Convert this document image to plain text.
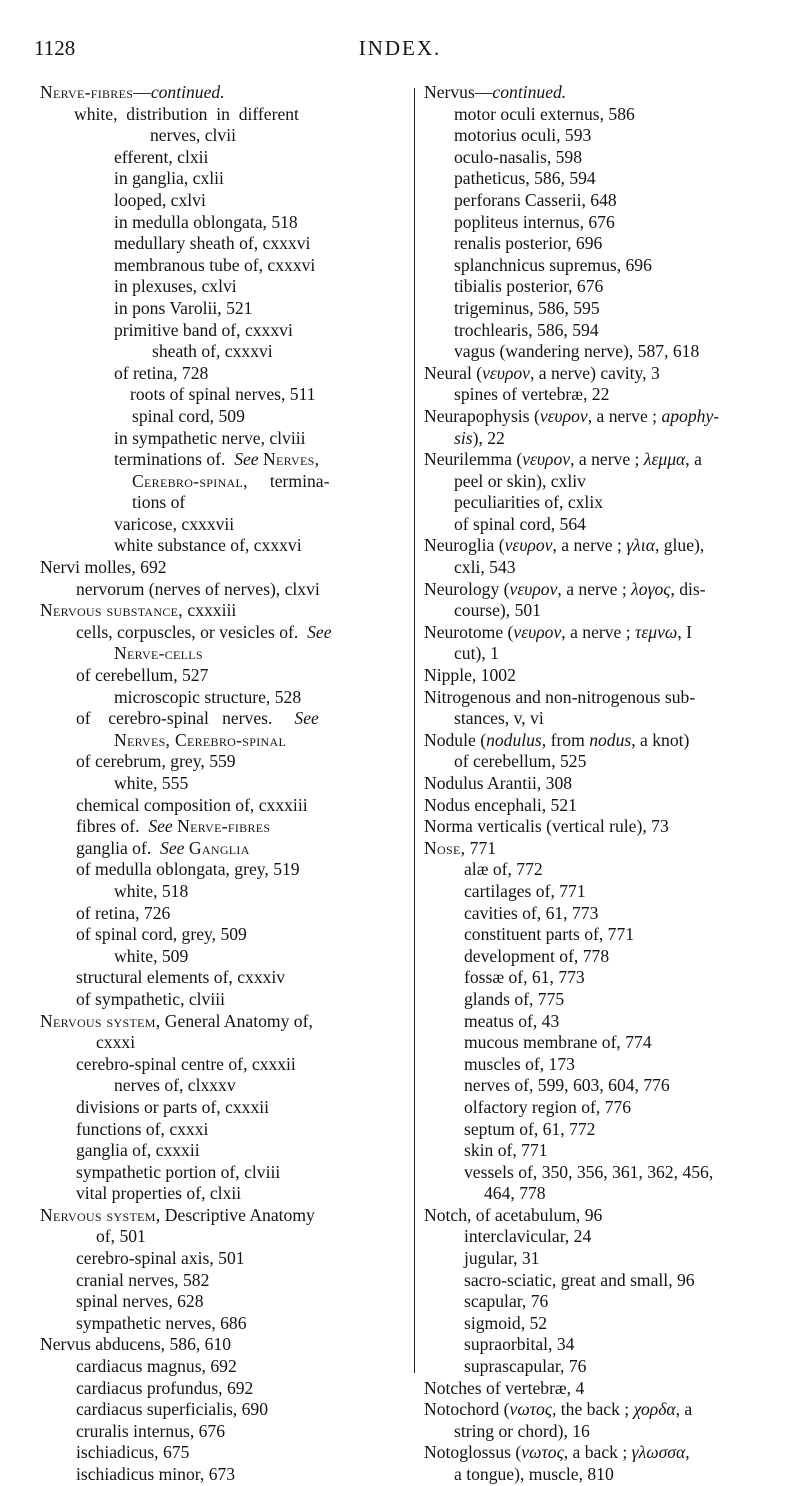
1128	INDEX.
Nerve-fibres—continued.
white,  distribution  in  different
nerves, clvii
efferent, clxii
in ganglia, cxlii
looped, cxlvi
in medulla oblongata, 518
medullary sheath of, cxxxvi
membranous tube of, cxxxvi
in plexuses, cxlvi
in pons Varolii, 521
primitive band of, cxxxvi
sheath of, cxxxvi
of retina, 728
roots of spinal nerves, 511
spinal cord, 509
in sympathetic nerve, clviii
terminations of.  See Nerves,
Cerebro-spinal,     termina-
tions of
varicose, cxxxvii
white substance of, cxxxvi
Nervi molles, 692
nervorum (nerves of nerves), clxvi
Nervous substance, cxxxiii
cells, corpuscles, or vesicles of.  See
Nerve-cells
of cerebellum, 527
microscopic structure, 528
of    cerebro-spinal   nerves.     See
Nerves, Cerebro-spinal
of cerebrum, grey, 559
white, 555
chemical composition of, cxxxiii
fibres of.  See Nerve-fibres
ganglia of.  See Ganglia
of medulla oblongata, grey, 519
white, 518
of retina, 726
of spinal cord, grey, 509
white, 509
structural elements of, cxxxiv
of sympathetic, clviii
Nervous system, General Anatomy of,
cxxxi
cerebro-spinal centre of, cxxxii
nerves of, clxxxv
divisions or parts of, cxxxii
functions of, cxxxi
ganglia of, cxxxii
sympathetic portion of, clviii
vital properties of, clxii
Nervous system, Descriptive Anatomy
of, 501
cerebro-spinal axis, 501
cranial nerves, 582
spinal nerves, 628
sympathetic nerves, 686
Nervus abducens, 586, 610
cardiacus magnus, 692
cardiacus profundus, 692
cardiacus superficialis, 690
cruralis internus, 676
ischiadicus, 675
ischiadicus minor, 673
Nervus—continued.
motor oculi externus, 586
motorius oculi, 593
oculo-nasalis, 598
patheticus, 586, 594
perforans Casserii, 648
popliteus internus, 676
renalis posterior, 696
splanchnicus supremus, 696
tibialis posterior, 676
trigeminus, 586, 595
trochlearis, 586, 594
vagus (wandering nerve), 587, 618
Neural (νευρον, a nerve) cavity, 3
spines of vertebræ, 22
Neurapophysis (νευρον, a nerve ; apophy-
sis), 22
Neurilemma (νευρον, a nerve ; λεμμα, a
peel or skin), cxliv
peculiarities of, cxlix
of spinal cord, 564
Neuroglia (νευρον, a nerve ; γλια, glue),
cxli, 543
Neurology (νευρον, a nerve ; λογος, dis-
course), 501
Neurotome (νευρον, a nerve ; τεμνω, I
cut), 1
Nipple, 1002
Nitrogenous and non-nitrogenous sub-
stances, v, vi
Nodule (nodulus, from nodus, a knot)
of cerebellum, 525
Nodulus Arantii, 308
Nodus encephali, 521
Norma verticalis (vertical rule), 73
Nose, 771
alæ of, 772
cartilages of, 771
cavities of, 61, 773
constituent parts of, 771
development of, 778
fossæ of, 61, 773
glands of, 775
meatus of, 43
mucous membrane of, 774
muscles of, 173
nerves of, 599, 603, 604, 776
olfactory region of, 776
septum of, 61, 772
skin of, 771
vessels of, 350, 356, 361, 362, 456,
464, 778
Notch, of acetabulum, 96
interclavicular, 24
jugular, 31
sacro-sciatic, great and small, 96
scapular, 76
sigmoid, 52
supraorbital, 34
suprascapular, 76
Notches of vertebræ, 4
Notochord (νωτος, the back ; χορδα, a
string or chord), 16
Notoglossus (νωτος, a back ; γλωσσα,
a tongue), muscle, 810
